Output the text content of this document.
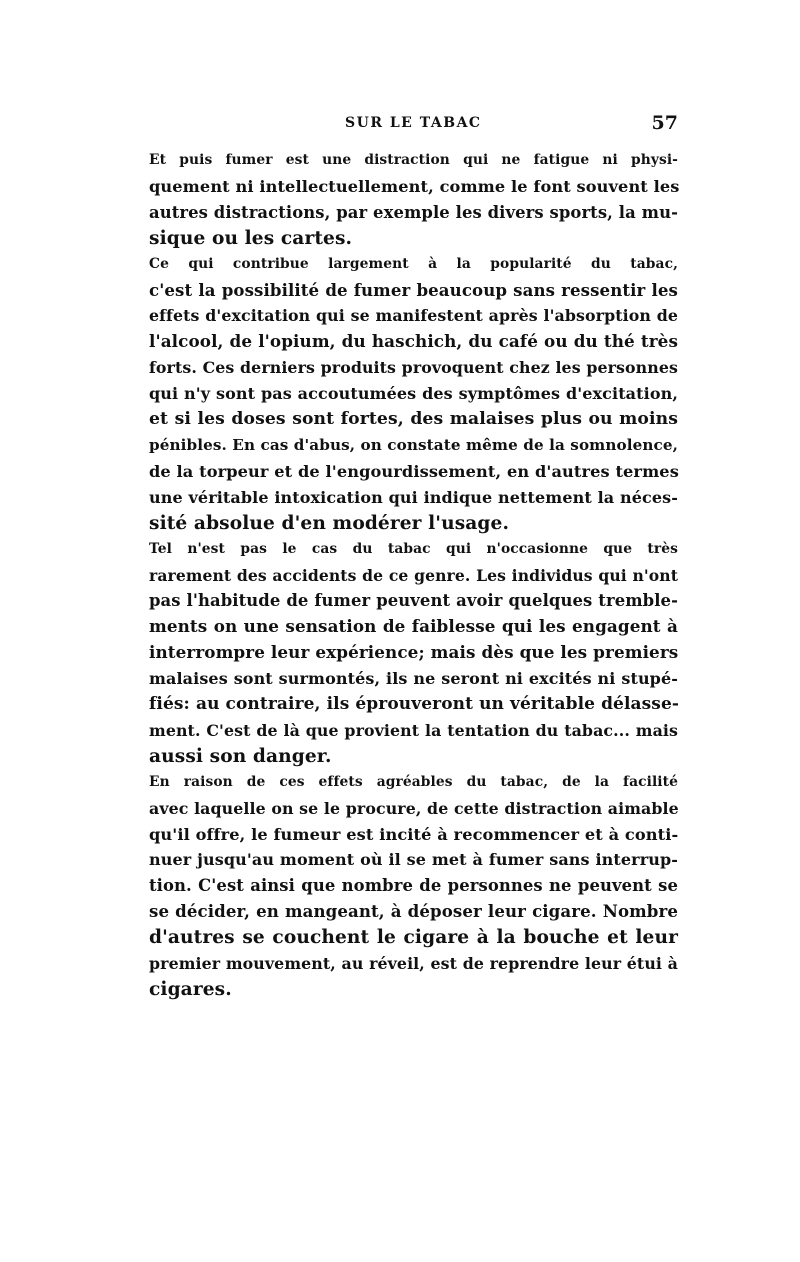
SUR LE TABAC	57

Et puis fumer est une distraction qui ne fatigue ni physi-
quement ni intellectuellement, comme le font souvent les
autres distractions, par exemple les divers sports, la mu-
sique ou les cartes.

Ce qui contribue largement à la popularité du tabac,
c'est la possibilité de fumer beaucoup sans ressentir les
effets d'excitation qui se manifestent après l'absorption de
l'alcool, de l'opium, du haschich, du café ou du thé très
forts. Ces derniers produits provoquent chez les personnes
qui n'y sont pas accoutumées des symptômes d'excitation,
et si les doses sont fortes, des malaises plus ou moins
pénibles. En cas d'abus, on constate même de la somnolence,
de la torpeur et de l'engourdissement, en d'autres termes
une véritable intoxication qui indique nettement la néces-
sité absolue d'en modérer l'usage.

Tel n'est pas le cas du tabac qui n'occasionne que très
rarement des accidents de ce genre. Les individus qui n'ont
pas l'habitude de fumer peuvent avoir quelques tremble-
ments on une sensation de faiblesse qui les engagent à
interrompre leur expérience; mais dès que les premiers
malaises sont surmontés, ils ne seront ni excités ni stupé-
fiés: au contraire, ils éprouveront un véritable délasse-
ment. C'est de là que provient la tentation du tabac... mais
aussi son danger.

En raison de ces effets agréables du tabac, de la facilité
avec laquelle on se le procure, de cette distraction aimable
qu'il offre, le fumeur est incité à recommencer et à conti-
nuer jusqu'au moment où il se met à fumer sans interrup-
tion. C'est ainsi que nombre de personnes ne peuvent se
se décider, en mangeant, à déposer leur cigare. Nombre
d'autres se couchent le cigare à la bouche et leur
premier mouvement, au réveil, est de reprendre leur étui à
cigares.
